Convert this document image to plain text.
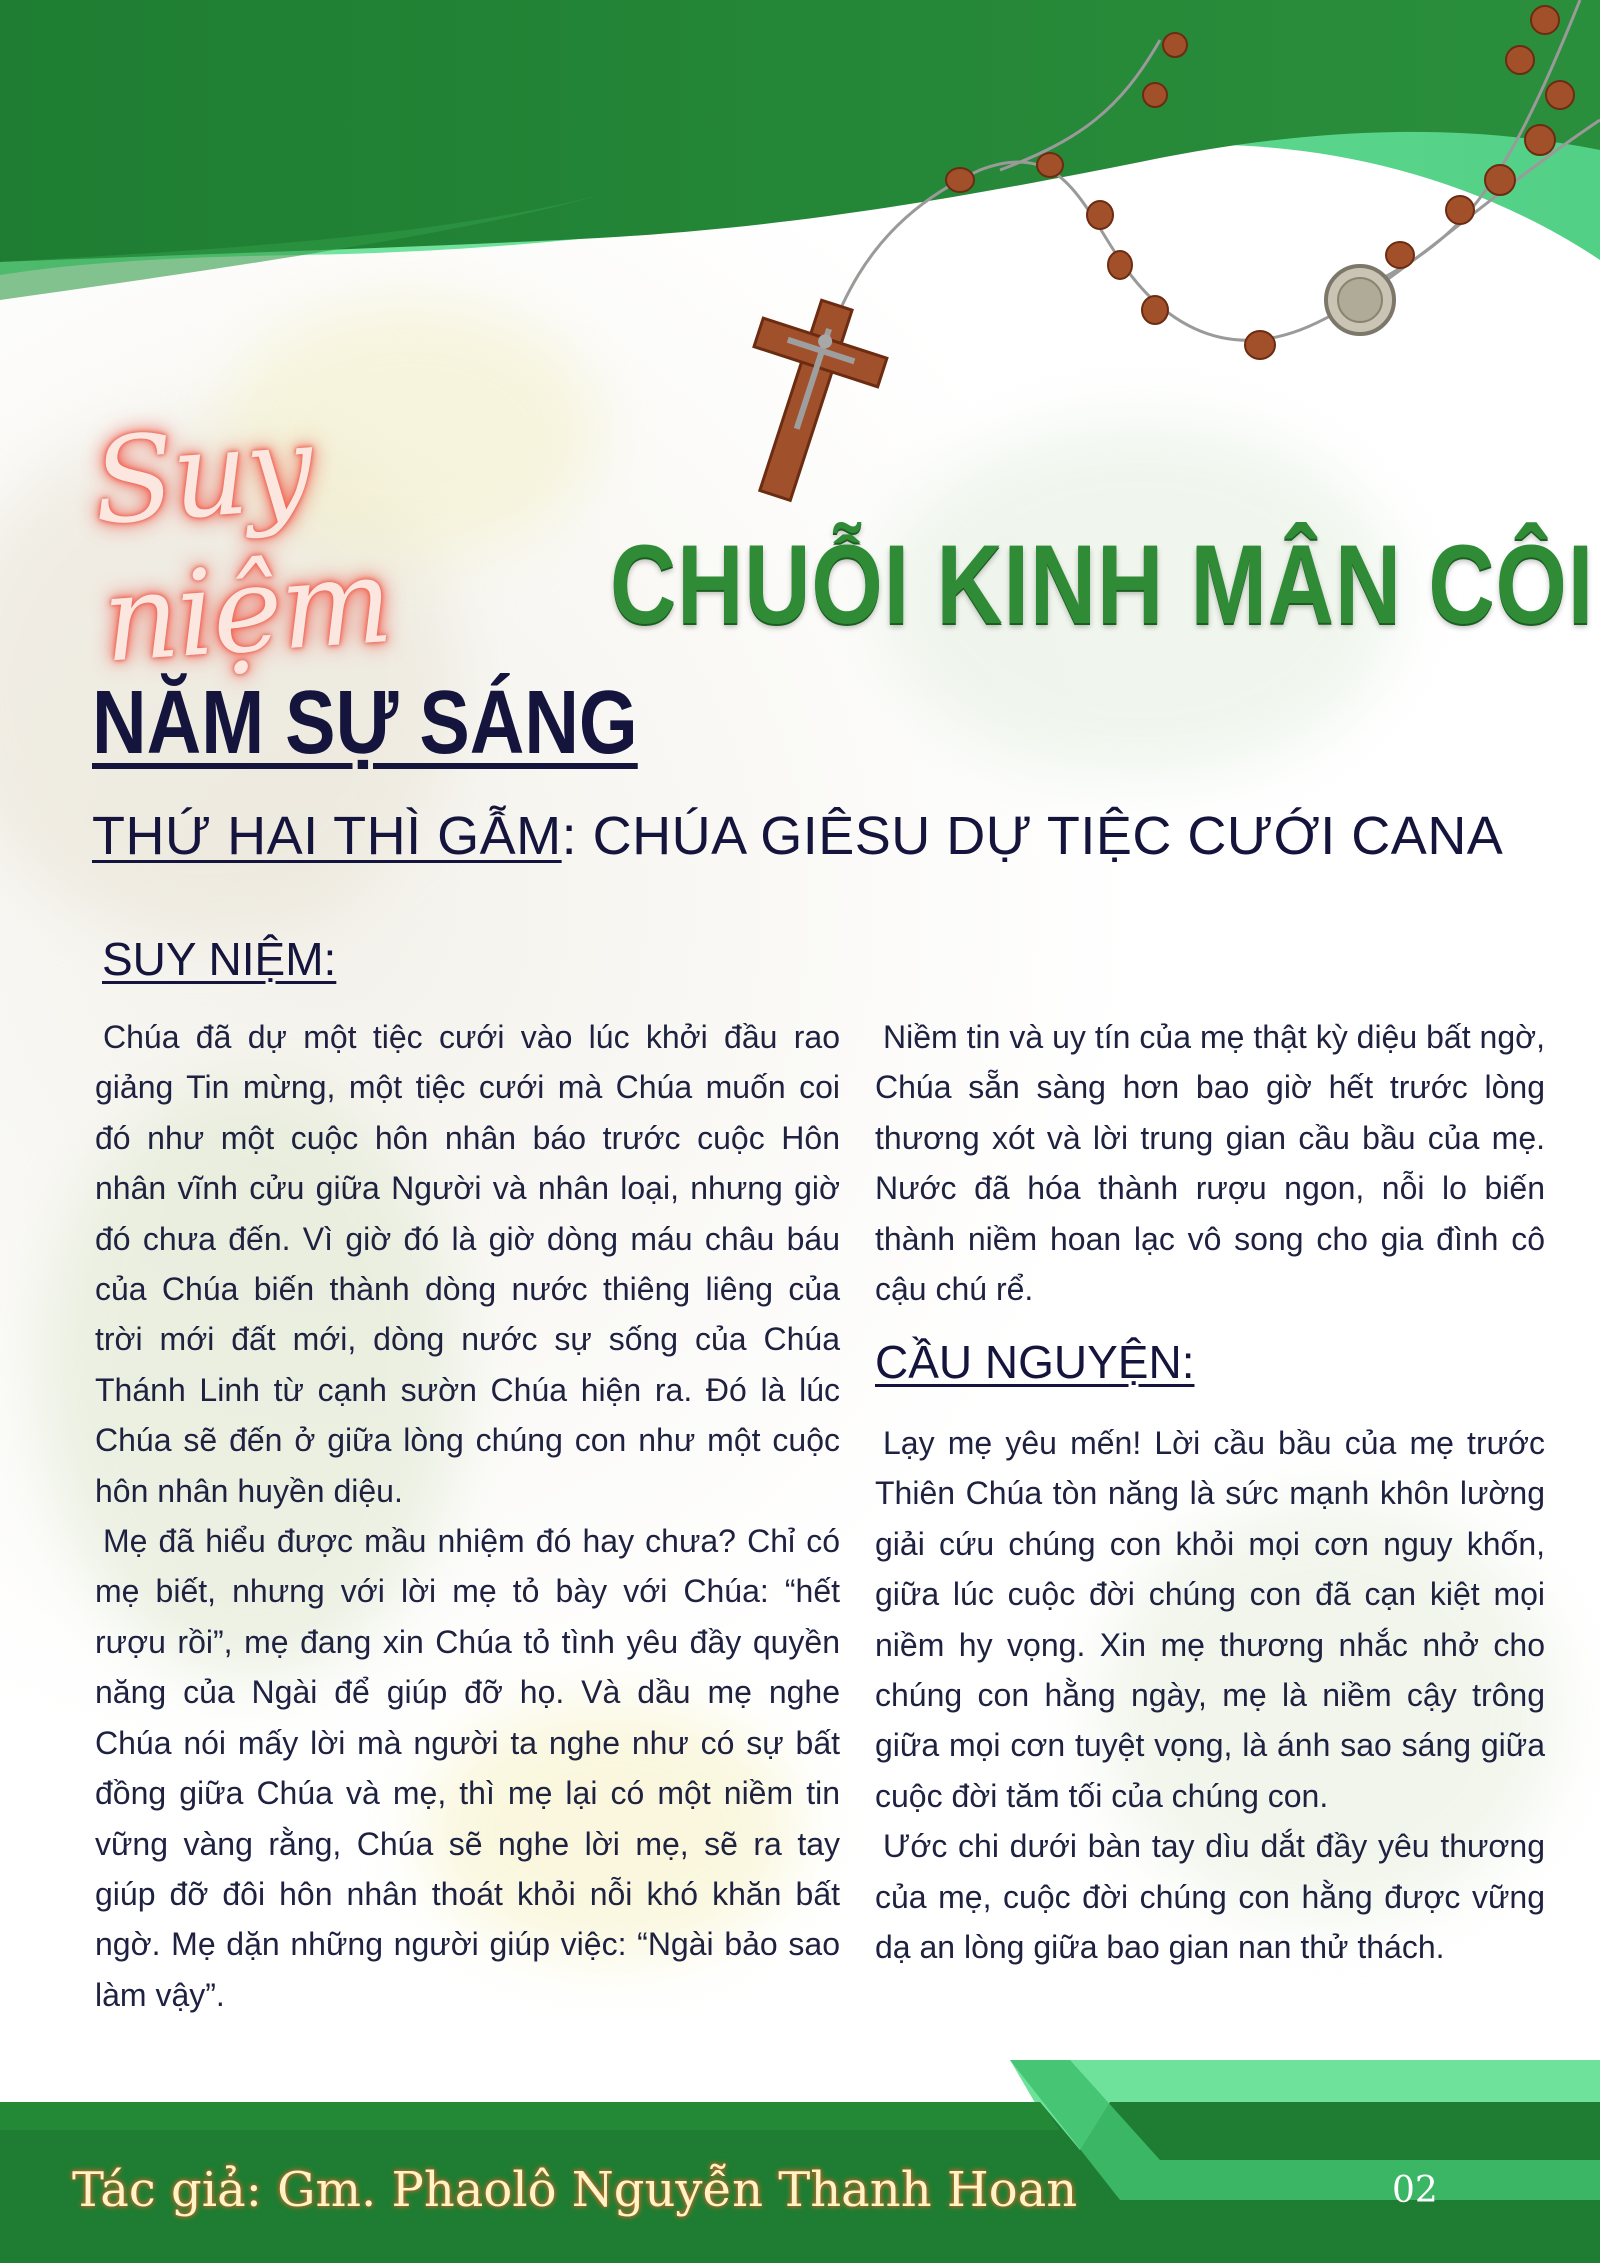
Suy niệm	CHUỖI KINH MÂN CÔI
NĂM SỰ SÁNG
THỨ HAI THÌ GẪM: CHÚA GIÊSU DỰ TIỆC CƯỚI CANA
SUY NIỆM:

Chúa đã dự một tiệc cưới vào lúc khởi đầu rao giảng Tin mừng, một tiệc cưới mà Chúa muốn coi đó như một cuộc hôn nhân báo trước cuộc Hôn nhân vĩnh cửu giữa Người và nhân loại, nhưng giờ đó chưa đến. Vì giờ đó là giờ dòng máu châu báu của Chúa biến thành dòng nước thiêng liêng của trời mới đất mới, dòng nước sự sống của Chúa Thánh Linh từ cạnh sườn Chúa hiện ra. Đó là lúc Chúa sẽ đến ở giữa lòng chúng con như một cuộc hôn nhân huyền diệu.

Mẹ đã hiểu được mầu nhiệm đó hay chưa? Chỉ có mẹ biết, nhưng với lời mẹ tỏ bày với Chúa: “hết rượu rồi”, mẹ đang xin Chúa tỏ tình yêu đầy quyền năng của Ngài để giúp đỡ họ. Và dầu mẹ nghe Chúa nói mấy lời mà người ta nghe như có sự bất đồng giữa Chúa và mẹ, thì mẹ lại có một niềm tin vững vàng rằng, Chúa sẽ nghe lời mẹ, sẽ ra tay giúp đỡ đôi hôn nhân thoát khỏi nỗi khó khăn bất ngờ. Mẹ dặn những người giúp việc: “Ngài bảo sao làm vậy”.

Niềm tin và uy tín của mẹ thật kỳ diệu bất ngờ, Chúa sẵn sàng hơn bao giờ hết trước lòng thương xót và lời trung gian cầu bầu của mẹ. Nước đã hóa thành rượu ngon, nỗi lo biến thành niềm hoan lạc vô song cho gia đình cô cậu chú rể.

CẦU NGUYỆN:

Lạy mẹ yêu mến! Lời cầu bầu của mẹ trước Thiên Chúa tòn năng là sức mạnh khôn lường giải cứu chúng con khỏi mọi cơn nguy khốn, giữa lúc cuộc đời chúng con đã cạn kiệt mọi niềm hy vọng. Xin mẹ thương nhắc nhở cho chúng con hằng ngày, mẹ là niềm cậy trông giữa mọi cơn tuyệt vọng, là ánh sao sáng giữa cuộc đời tăm tối của chúng con.

Ước chi dưới bàn tay dìu dắt đầy yêu thương của mẹ, cuộc đời chúng con hằng được vững dạ an lòng giữa bao gian nan thử thách.

Tác giả: Gm. Phaolô Nguyễn Thanh Hoan	02
